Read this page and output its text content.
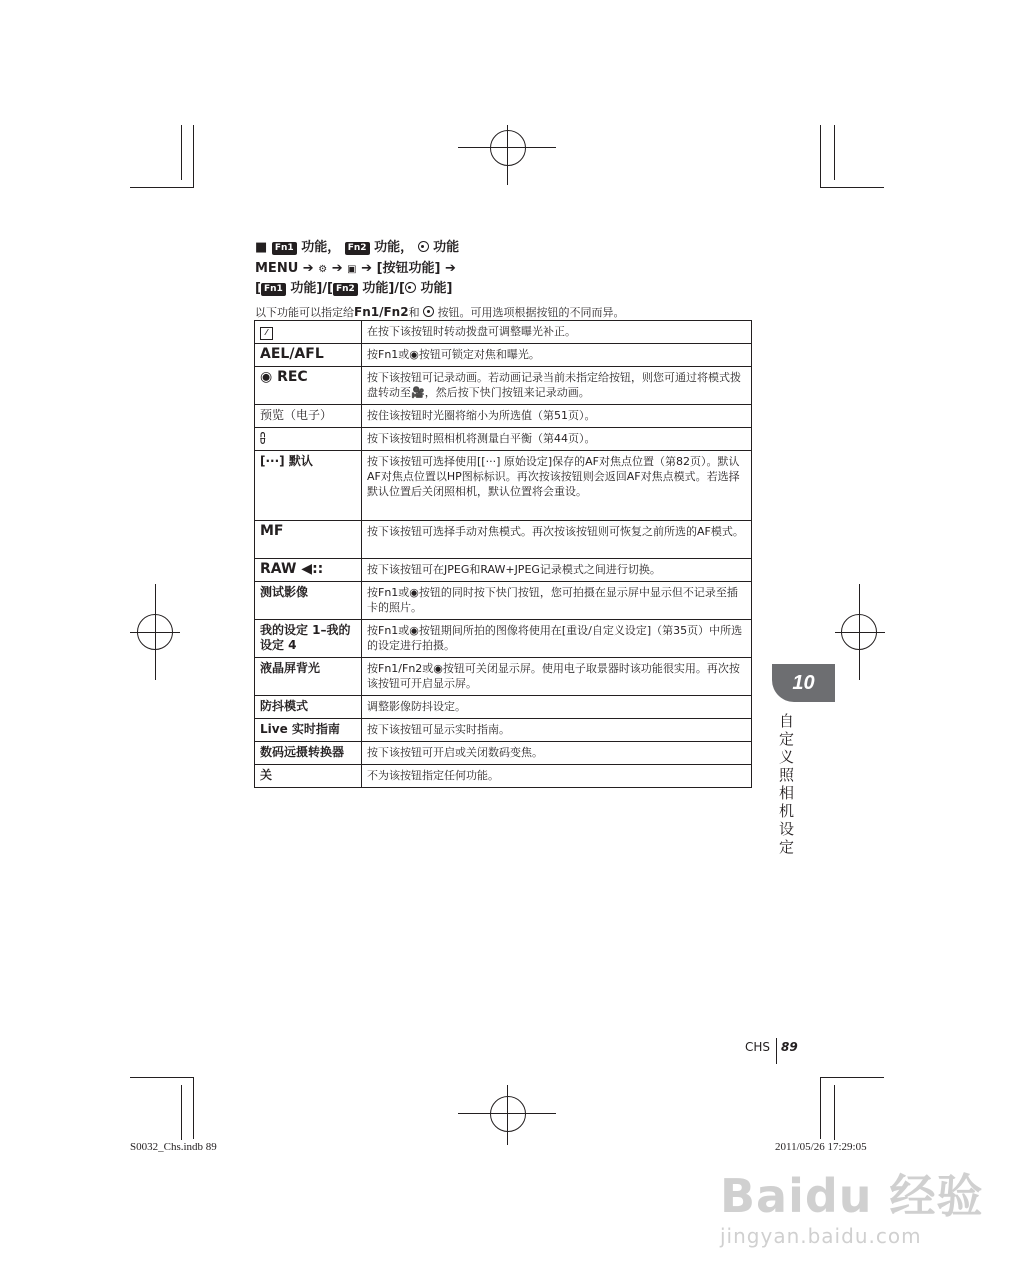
■ Fn1 功能， Fn2 功能， 功能
MENU ➔ ⚙ ➔ ▣ ➔ [按钮功能] ➔
[ Fn1 功能]/[ Fn2 功能]/[ 功能]
以下功能可以指定给Fn1/Fn2和 按钮。可用选项根据按钮的不同而异。
⁄	在按下该按钮时转动拨盘可调整曝光补正。
AEL/AFL	按Fn1或◉按钮可锁定对焦和曝光。
◉ REC	按下该按钮可记录动画。若动画记录当前未指定给按钮，则您可通过将模式拨盘转动至🎥，然后按下快门按钮来记录动画。
预览（电子）	按住该按钮时光圈将缩小为所选值（第51页）。
⩉	按下该按钮时照相机将测量白平衡（第44页）。
[···] 默认	按下该按钮可选择使用[[···] 原始设定]保存的AF对焦点位置（第82页）。默认AF对焦点位置以HP图标标识。再次按该按钮则会返回AF对焦点模式。若选择默认位置后关闭照相机，默认位置将会重设。
MF	按下该按钮可选择手动对焦模式。再次按该按钮则可恢复之前所选的AF模式。
RAW ◀::	按下该按钮可在JPEG和RAW+JPEG记录模式之间进行切换。
测试影像	按Fn1或◉按钮的同时按下快门按钮，您可拍摄在显示屏中显示但不记录至插卡的照片。
我的设定 1–我的设定 4	按Fn1或◉按钮期间所拍的图像将使用在[重设/自定义设定]（第35页）中所选的设定进行拍摄。
液晶屏背光	按Fn1/Fn2或◉按钮可关闭显示屏。使用电子取景器时该功能很实用。再次按该按钮可开启显示屏。
防抖模式	调整影像防抖设定。
Live 实时指南	按下该按钮可显示实时指南。
数码远摄转换器	按下该按钮可开启或关闭数码变焦。
关	不为该按钮指定任何功能。
10
自定义照相机设定
CHS 89
S0032_Chs.indb 89	2011/05/26 17:29:05
Baidu 经验
jingyan.baidu.com
